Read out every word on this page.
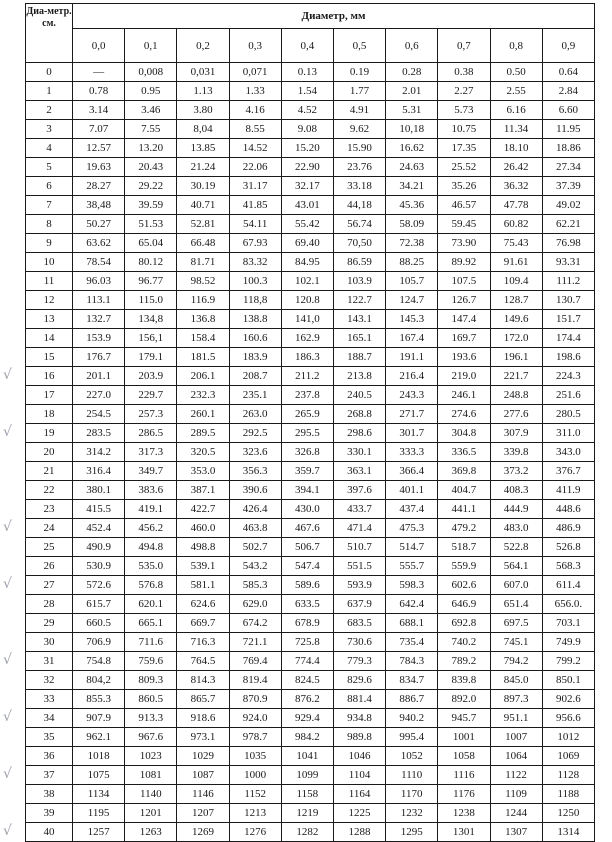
Диа-метр. см.	Диаметр, мм									
	0,0	0,1	0,2	0,3	0,4	0,5	0,6	0,7	0,8	0,9
0	—	0,008	0,031	0,071	0.13	0.19	0.28	0.38	0.50	0.64
1	0.78	0.95	1.13	1.33	1.54	1.77	2.01	2.27	2.55	2.84
2	3.14	3.46	3.80	4.16	4.52	4.91	5.31	5.73	6.16	6.60
3	7.07	7.55	8,04	8.55	9.08	9.62	10,18	10.75	11.34	11.95
4	12.57	13.20	13.85	14.52	15.20	15.90	16.62	17.35	18.10	18.86
5	19.63	20.43	21.24	22.06	22.90	23.76	24.63	25.52	26.42	27.34
6	28.27	29.22	30.19	31.17	32.17	33.18	34.21	35.26	36.32	37.39
7	38,48	39.59	40.71	41.85	43.01	44,18	45.36	46.57	47.78	49.02
8	50.27	51.53	52.81	54.11	55.42	56.74	58.09	59.45	60.82	62.21
9	63.62	65.04	66.48	67.93	69.40	70,50	72.38	73.90	75.43	76.98
10	78.54	80.12	81.71	83.32	84.95	86.59	88.25	89.92	91.61	93.31
11	96.03	96.77	98.52	100.3	102.1	103.9	105.7	107.5	109.4	111.2
12	113.1	115.0	116.9	118,8	120.8	122.7	124.7	126.7	128.7	130.7
13	132.7	134,8	136.8	138.8	141,0	143.1	145.3	147.4	149.6	151.7
14	153.9	156,1	158.4	160.6	162.9	165.1	167.4	169.7	172.0	174.4
15	176.7	179.1	181.5	183.9	186.3	188.7	191.1	193.6	196.1	198.6
16	201.1	203.9	206.1	208.7	211.2	213.8	216.4	219.0	221.7	224.3
17	227.0	229.7	232.3	235.1	237.8	240.5	243.3	246.1	248.8	251.6
18	254.5	257.3	260.1	263.0	265.9	268.8	271.7	274.6	277.6	280.5
19	283.5	286.5	289.5	292.5	295.5	298.6	301.7	304.8	307.9	311.0
20	314.2	317.3	320.5	323.6	326.8	330.1	333.3	336.5	339.8	343.0
21	316.4	349.7	353.0	356.3	359.7	363.1	366.4	369.8	373.2	376.7
22	380.1	383.6	387.1	390.6	394.1	397.6	401.1	404.7	408.3	411.9
23	415.5	419.1	422.7	426.4	430.0	433.7	437.4	441.1	444.9	448.6
24	452.4	456.2	460.0	463.8	467.6	471.4	475.3	479.2	483.0	486.9
25	490.9	494.8	498.8	502.7	506.7	510.7	514.7	518.7	522.8	526.8
26	530.9	535.0	539.1	543.2	547.4	551.5	555.7	559.9	564.1	568.3
27	572.6	576.8	581.1	585.3	589.6	593.9	598.3	602.6	607.0	611.4
28	615.7	620.1	624.6	629.0	633.5	637.9	642.4	646.9	651.4	656.0.
29	660.5	665.1	669.7	674.2	678.9	683.5	688.1	692.8	697.5	703.1
30	706.9	711.6	716.3	721.1	725.8	730.6	735.4	740.2	745.1	749.9
31	754.8	759.6	764.5	769.4	774.4	779.3	784.3	789.2	794.2	799.2
32	804,2	809.3	814.3	819.4	824.5	829.6	834.7	839.8	845.0	850.1
33	855.3	860.5	865.7	870.9	876.2	881.4	886.7	892.0	897.3	902.6
34	907.9	913.3	918.6	924.0	929.4	934.8	940.2	945.7	951.1	956.6
35	962.1	967.6	973.1	978.7	984.2	989.8	995.4	1001	1007	1012
36	1018	1023	1029	1035	1041	1046	1052	1058	1064	1069
37	1075	1081	1087	1000	1099	1104	1110	1116	1122	1128
38	1134	1140	1146	1152	1158	1164	1170	1176	1109	1188
39	1195	1201	1207	1213	1219	1225	1232	1238	1244	1250
40	1257	1263	1269	1276	1282	1288	1295	1301	1307	1314
√
√
√
√
√
√
√
√
